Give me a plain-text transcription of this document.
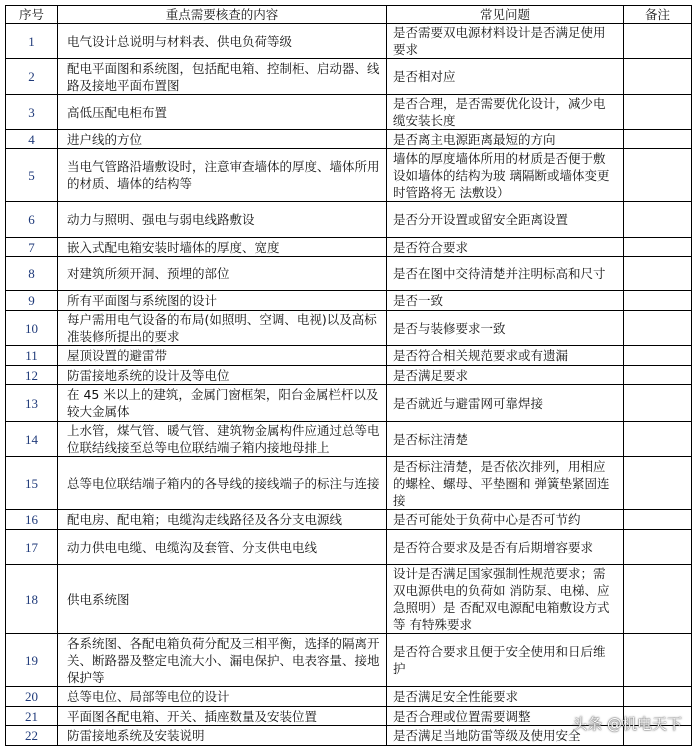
序号	重点需要核查的内容	常见问题	备注
1	电气设计总说明与材料表、供电负荷等级	是否需要双电源材料设计是否满足使用要求	
2	配电平面图和系统图，包括配电箱、控制柜、启动器、线路及接地平面布置图	是否相对应	
3	高低压配电柜布置	是否合理，是否需要优化设计，减少电缆安装长度	
4	进户线的方位	是否离主电源距离最短的方向	
5	当电气管路沿墙敷设时，注意审查墙体的厚度、墙体所用的材质、墙体的结构等	墙体的厚度墙体所用的材质是否便于敷设如墙体的结构为玻 璃隔断或墙体变更时管路将无 法敷设）	
6	动力与照明、强电与弱电线路敷设	是否分开设置或留安全距离设置	
7	嵌入式配电箱安装时墙体的厚度、宽度	是否符合要求	
8	对建筑所须开洞、预埋的部位	是否在图中交待清楚并注明标高和尺寸	
9	所有平面图与系统图的设计	是否一致	
10	每户需用电气设备的布局(如照明、空调、电视)以及高标准装修所提出的要求	是否与装修要求一致	
11	屋顶设置的避雷带	是否符合相关规范要求或有遗漏	
12	防雷接地系统的设计及等电位	是否满足要求	
13	在 45 米以上的建筑，金属门窗框架，阳台金属栏杆以及较大金属体	是否就近与避雷网可靠焊接	
14	上水管，煤气管、暖气管、建筑物金属构件应通过总等电位联结线接至总等电位联结端子箱内接地母排上	是否标注清楚	
15	总等电位联结端子箱内的各导线的接线端子的标注与连接	是否标注清楚，是否依次排列，用相应的螺栓、螺母、平垫圈和 弹簧垫紧固连接	
16	配电房、配电箱；电缆沟走线路径及各分支电源线	是否可能处于负荷中心是否可节约	
17	动力供电电缆、电缆沟及套管、分支供电电线	是否符合要求及是否有后期增容要求	
18	供电系统图	设计是否满足国家强制性规范要求；需双电源供电的负荷如 消防泵、电梯、应急照明）是 否配双电源配电箱敷设方式等 有特殊要求	
19	各系统图、各配电箱负荷分配及三相平衡，选择的隔离开关、断路器及整定电流大小、漏电保护、电表容量、接地保护等	是否符合要求且便于安全使用和日后维护	
20	总等电位、局部等电位的设计	是否满足安全性能要求	
21	平面图各配电箱、开关、插座数量及安装位置	是否合理或位置需要调整	
22	防雷接地系统及安装说明	是否满足当地防雷等级及使用安全	
头条 @机电天下
